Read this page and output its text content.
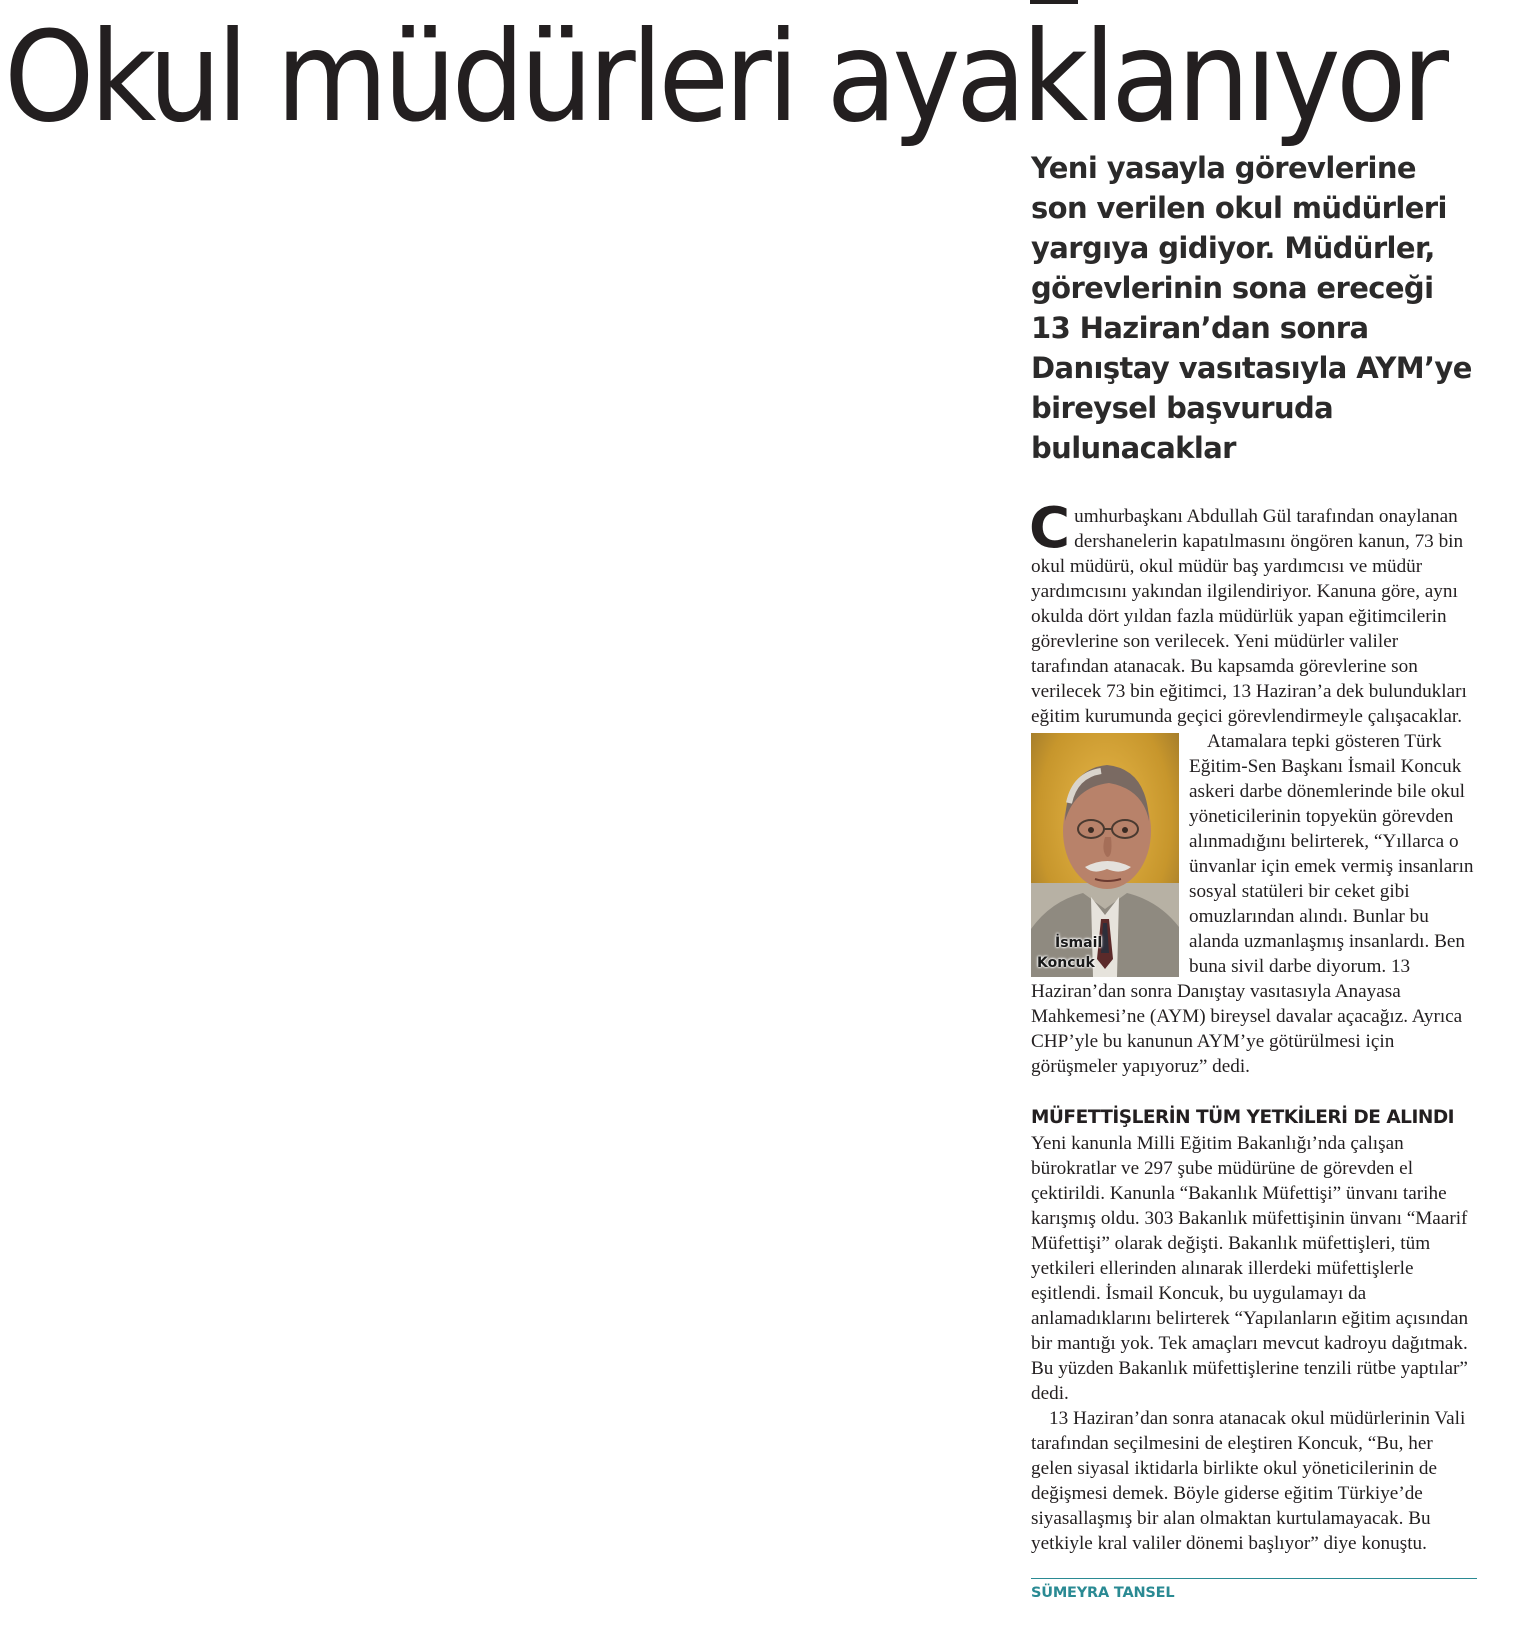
Okul müdürleri ayaklanıyor
Yeni yasayla görevlerine son verilen okul müdürleri yargıya gidiyor. Müdürler, görevlerinin sona ereceği 13 Haziran’dan sonra Danıştay vasıtasıyla AYM’ye bireysel başvuruda bulunacaklar

Cumhurbaşkanı Abdullah Gül tarafından onaylanan dershanelerin kapatılmasını öngören kanun, 73 bin okul müdürü, okul müdür baş yardımcısı ve müdür yardımcısını yakından ilgilendiriyor. Kanuna göre, aynı okulda dört yıldan fazla müdürlük yapan eğitimcilerin görevlerine son verilecek. Yeni müdürler valiler tarafından atanacak. Bu kapsamda görevlerine son verilecek 73 bin eğitimci, 13 Haziran’a dek bulundukları eğitim kurumunda geçici görevlendirmeyle çalışacaklar.

İsmail
Koncuk
Atamalara tepki gösteren Türk Eğitim-Sen Başkanı İsmail Koncuk askeri darbe dönemlerinde bile okul yöneticilerinin topyekün görevden alınmadığını belirterek, “Yıllarca o ünvanlar için emek vermiş insanların sosyal statüleri bir ceket gibi omuzlarından alındı. Bunlar bu alanda uzmanlaşmış insanlardı. Ben buna sivil darbe diyorum. 13 Haziran’dan sonra Danıştay vasıtasıyla Anayasa Mahkemesi’ne (AYM) bireysel davalar açacağız. Ayrıca CHP’yle bu kanunun AYM’ye götürülmesi için görüşmeler yapıyoruz” dedi.

MÜFETTİŞLERİN TÜM YETKİLERİ DE ALINDI

Yeni kanunla Milli Eğitim Bakanlığı’nda çalışan bürokratlar ve 297 şube müdürüne de görevden el çektirildi. Kanunla “Bakanlık Müfettişi” ünvanı tarihe karışmış oldu. 303 Bakanlık müfettişinin ünvanı “Maarif Müfettişi” olarak değişti. Bakanlık müfettişleri, tüm yetkileri ellerinden alınarak illerdeki müfettişlerle eşitlendi. İsmail Koncuk, bu uygulamayı da anlamadıklarını belirterek “Yapılanların eğitim açısından bir mantığı yok. Tek amaçları mevcut kadroyu dağıtmak. Bu yüzden Bakanlık müfettişlerine tenzili rütbe yaptılar” dedi.

13 Haziran’dan sonra atanacak okul müdürlerinin Vali tarafından seçilmesini de eleştiren Koncuk, “Bu, her gelen siyasal iktidarla birlikte okul yöneticilerinin de değişmesi demek. Böyle giderse eğitim Türkiye’de siyasallaşmış bir alan olmaktan kurtulamayacak. Bu yetkiyle kral valiler dönemi başlıyor” diye konuştu.

SÜMEYRA TANSEL
